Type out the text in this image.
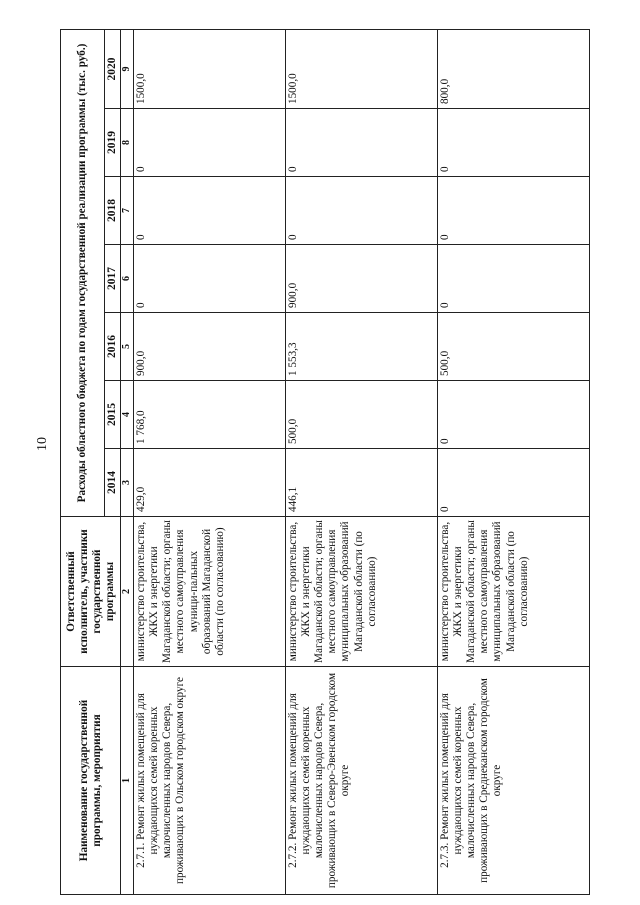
10
Наименование государственной программы, мероприятия	Ответственный исполнитель, участники государственной программы	Расходы областного бюджета по годам государственной реализации программы (тыс. руб.)						
		2014	2015	2016	2017	2018	2019	2020
1	2	3	4	5	6	7	8	9
2.7.1. Ремонт жилых помещений для нуждающихся семей коренных малочисленных народов Севера, проживающих в Ольском городском округе	министерство строительства, ЖКХ и энергетики Магаданской области; органы местного самоуправления муници-пальных образований Магаданской области (по согласованию)	429,0	1 768,0	900,0	0	0	0	1500,0
2.7.2. Ремонт жилых помещений для нуждающихся семей коренных малочисленных народов Севера, проживающих в Северо-Эвенском городском округе	министерство строительства, ЖКХ и энергетики Магаданской области; органы местного самоуправления муниципальных образований Магаданской области (по согласованию)	446,1	500,0	1 553,3	900,0	0	0	1500,0
2.7.3. Ремонт жилых помещений для нуждающихся семей коренных малочисленных народов Севера, проживающих в Среднеканском городском округе	министерство строительства, ЖКХ и энергетики Магаданской области; органы местного самоуправления муниципальных образований Магаданской области (по согласованию)	0	0	500,0	0	0	0	800,0
